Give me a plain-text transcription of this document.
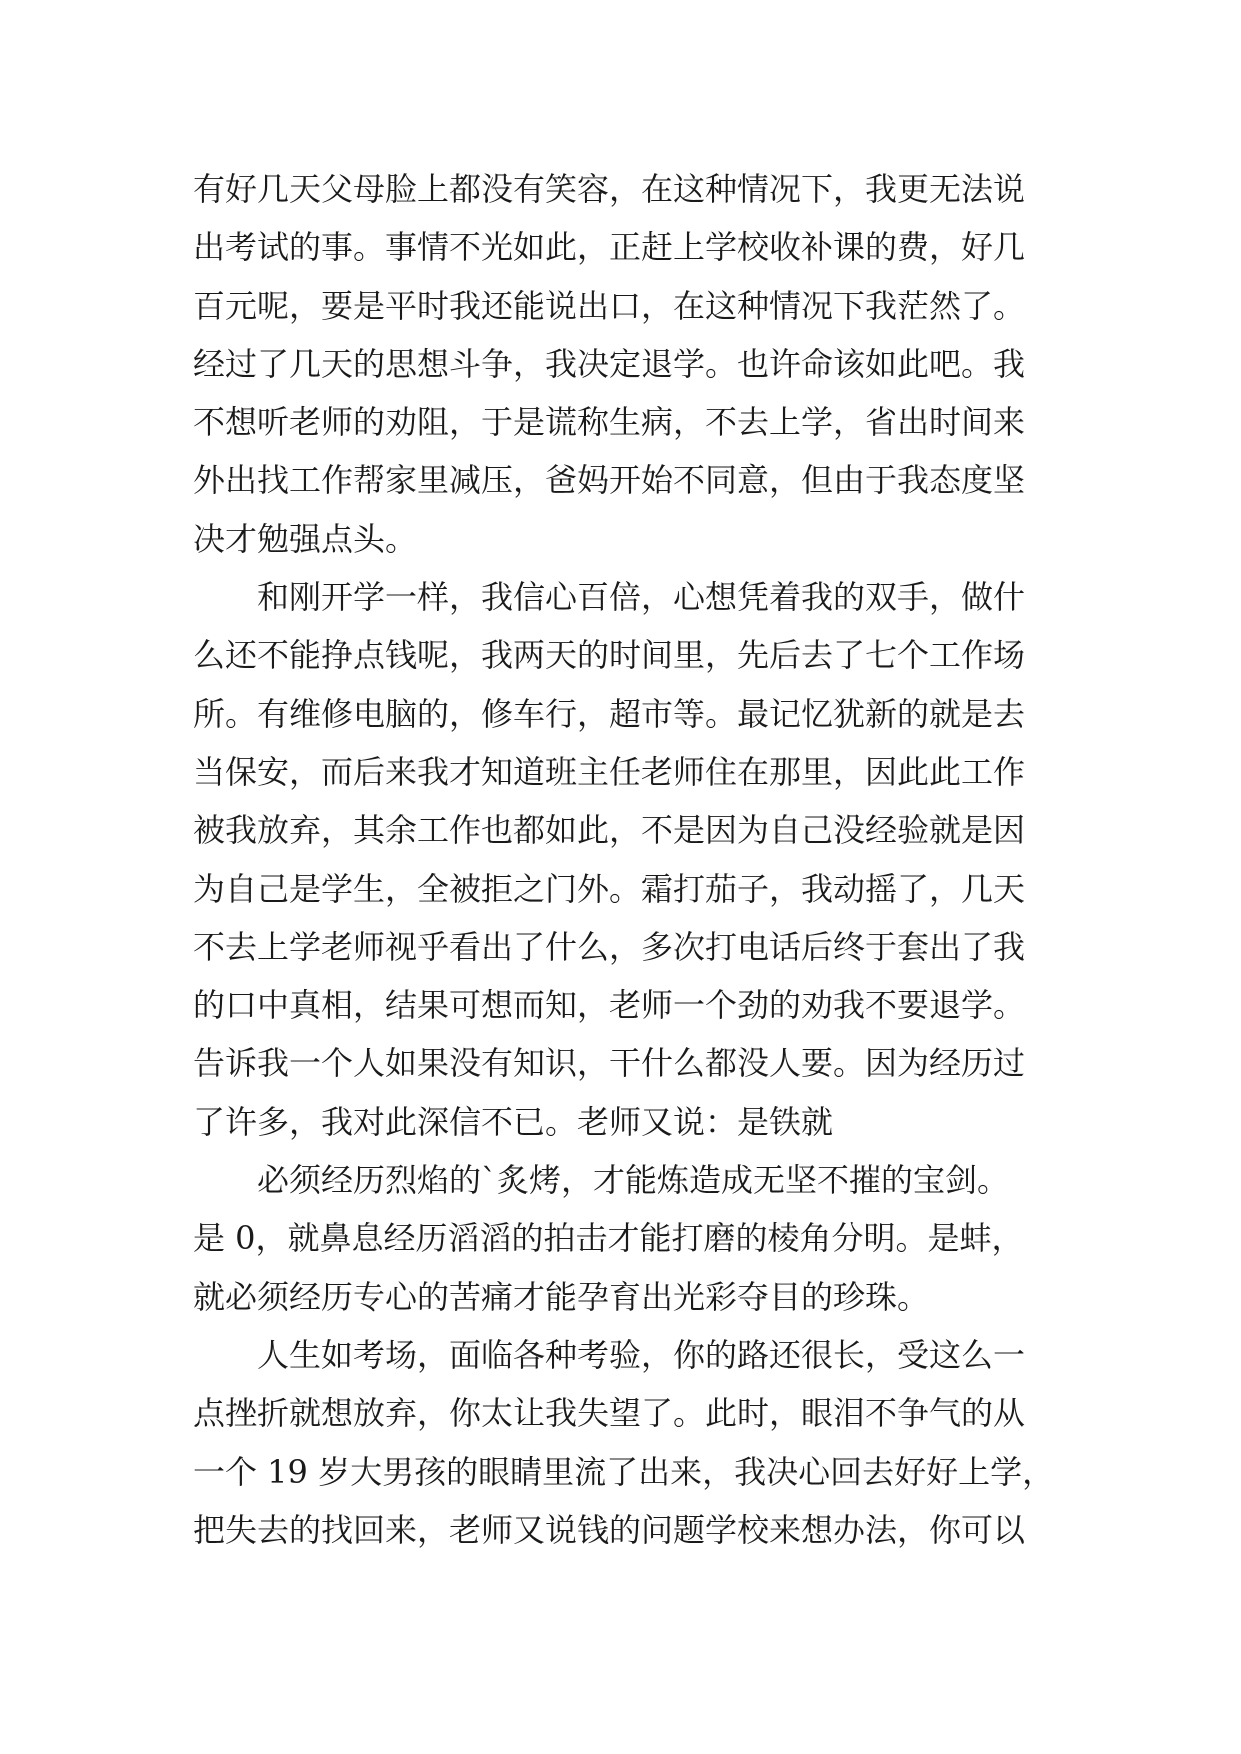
有好几天父母脸上都没有笑容，在这种情况下，我更无法说
出考试的事。事情不光如此，正赶上学校收补课的费，好几
百元呢，要是平时我还能说出口，在这种情况下我茫然了。
经过了几天的思想斗争，我决定退学。也许命该如此吧。我
不想听老师的劝阻，于是谎称生病，不去上学，省出时间来
外出找工作帮家里减压，爸妈开始不同意，但由于我态度坚
决才勉强点头。
和刚开学一样，我信心百倍，心想凭着我的双手，做什
么还不能挣点钱呢，我两天的时间里，先后去了七个工作场
所。有维修电脑的，修车行，超市等。最记忆犹新的就是去
当保安，而后来我才知道班主任老师住在那里，因此此工作
被我放弃，其余工作也都如此，不是因为自己没经验就是因
为自己是学生，全被拒之门外。霜打茄子，我动摇了，几天
不去上学老师视乎看出了什么，多次打电话后终于套出了我
的口中真相，结果可想而知，老师一个劲的劝我不要退学。
告诉我一个人如果没有知识，干什么都没人要。因为经历过
了许多，我对此深信不已。老师又说：是铁就
必须经历烈焰的`炙烤，才能炼造成无坚不摧的宝剑。
是 0，就鼻息经历滔滔的拍击才能打磨的棱角分明。是蚌，
就必须经历专心的苦痛才能孕育出光彩夺目的珍珠。
人生如考场，面临各种考验，你的路还很长，受这么一
点挫折就想放弃，你太让我失望了。此时，眼泪不争气的从
一个 19 岁大男孩的眼睛里流了出来，我决心回去好好上学，
把失去的找回来，老师又说钱的问题学校来想办法，你可以
